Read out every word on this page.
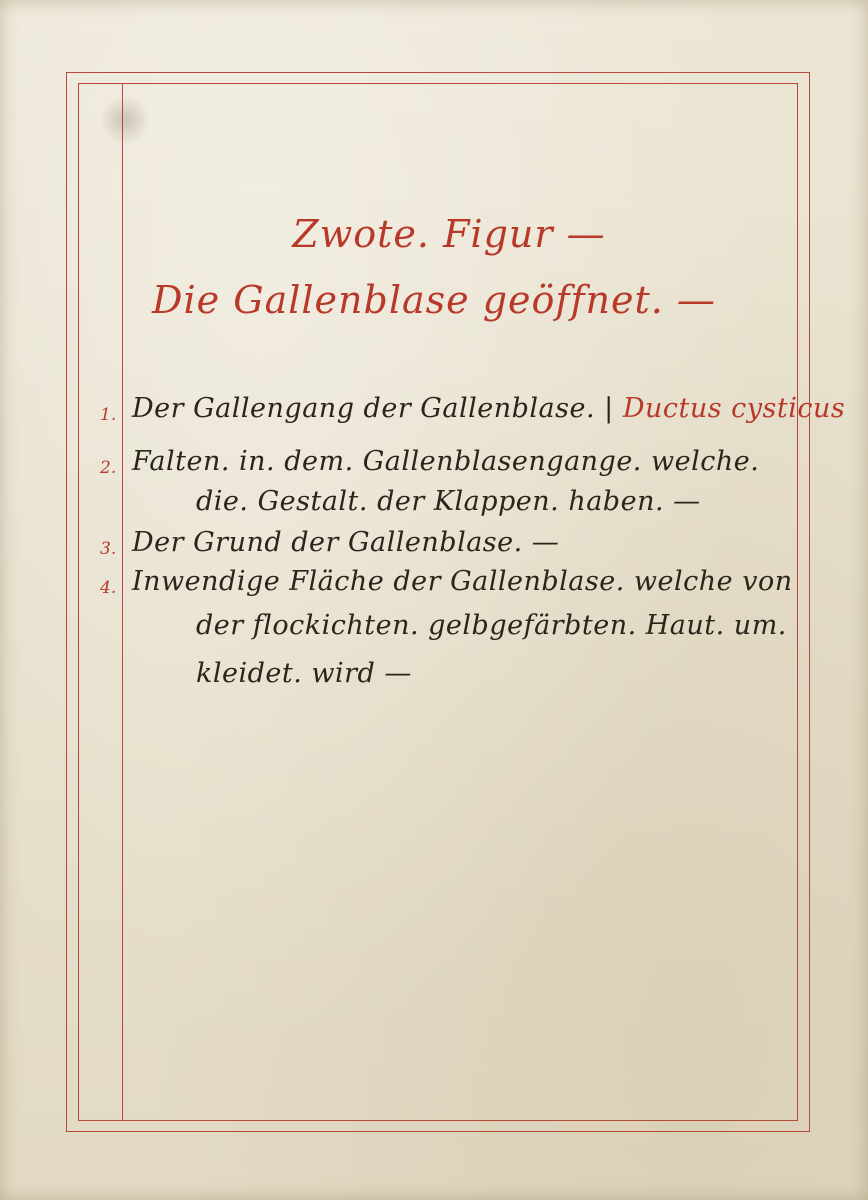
Zwote. Figur —
Die Gallenblase geöffnet. —
1. Der Gallengang der Gallenblase. | Ductus cysticus
2. Falten. in. dem. Gallenblasengange. welche.
die. Gestalt. der Klappen. haben. —
3. Der Grund der Gallenblase. —
4. Inwendige Fläche der Gallenblase. welche von
der flockichten. gelbgefärbten. Haut. um.
kleidet. wird —
